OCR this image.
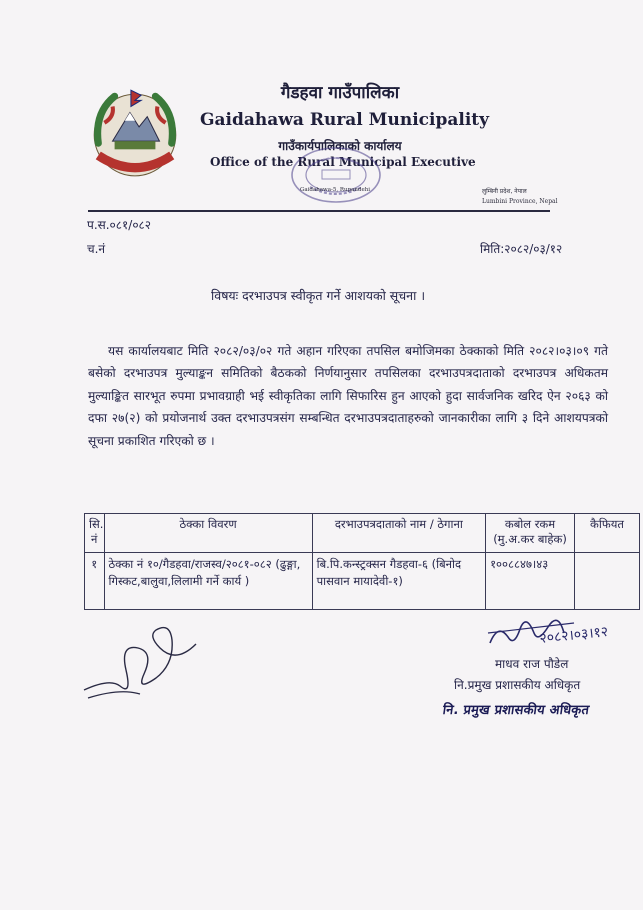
गैडहवा गाउँपालिका
Gaidahawa Rural Municipality
गाउँकार्यपालिकाको कार्यालय
Office of the Rural Municipal Executive
Gaidahawa-5, Rupandehi	लुम्बिनी प्रदेश, नेपाल
Lumbini Province, Nepal
प.स.०८१/०८२
च.नं	मिति:२०८२/०३/१२
विषयः दरभाउपत्र स्वीकृत गर्ने आशयको सूचना ।

यस कार्यालयबाट मिति २०८२/०३/०२ गते अहान गरिएका तपसिल बमोजिमका ठेक्काको मिति २०८२।०३।०९ गते बसेको दरभाउपत्र मुल्याङ्कन समितिको बैठकको निर्णयानुसार तपसिलका दरभाउपत्रदाताको दरभाउपत्र अधिकतम मुल्याङ्कित सारभूत रुपमा प्रभावग्राही भई स्वीकृतिका लागि सिफारिस हुन आएको हुदा सार्वजनिक खरिद ऐन २०६३ को दफा २७(२) को प्रयोजनार्थ उक्त दरभाउपत्रसंग सम्बन्धित दरभाउपत्रदाताहरुको जानकारीका लागि ३ दिने आशयपत्रको सूचना प्रकाशित गरिएको छ ।

सि. नं	ठेक्का विवरण	दरभाउपत्रदाताको नाम / ठेगाना	कबोल रकम (मु.अ.कर बाहेक)	कैफियत
१	ठेक्का नं १०/गैडहवा/राजस्व/२०८१-०८२ (ढुङ्गा, गिस्कट,बालुवा,लिलामी गर्ने कार्य )	बि.पि.कन्स्ट्रक्सन गैडहवा-६ (बिनोद पासवान मायादेवी-१)	१००८८४७।४३	
२०८२।०३।१२
माधव राज पौडेल
नि.प्रमुख प्रशासकीय अधिकृत
नि. प्रमुख प्रशासकीय अधिकृत
